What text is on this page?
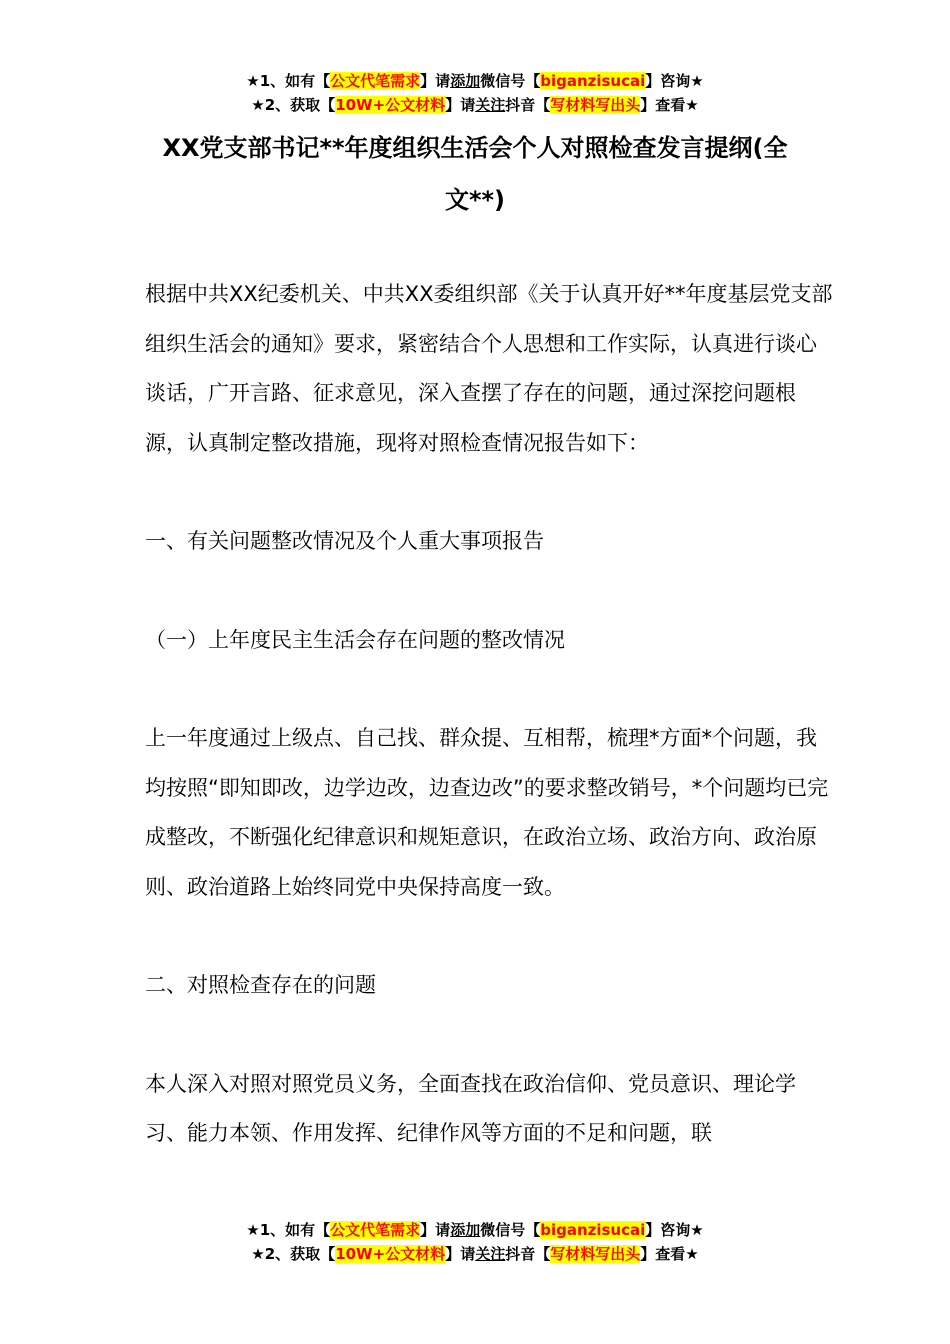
★1、如有【公文代笔需求】请添加微信号【biganzisucai】咨询★
★2、获取【10W+公文材料】请关注抖音【写材料写出头】查看★
XX党支部书记**年度组织生活会个人对照检查发言提纲(全
文**)

根据中共XX纪委机关、中共XX委组织部《关于认真开好**年度基层党支部组织生活会的通知》要求，紧密结合个人思想和工作实际，认真进行谈心谈话，广开言路、征求意见，深入查摆了存在的问题，通过深挖问题根源，认真制定整改措施，现将对照检查情况报告如下：

一、有关问题整改情况及个人重大事项报告

（一）上年度民主生活会存在问题的整改情况

上一年度通过上级点、自己找、群众提、互相帮，梳理*方面*个问题，我均按照“即知即改，边学边改，边查边改”的要求整改销号，*个问题均已完成整改，不断强化纪律意识和规矩意识，在政治立场、政治方向、政治原则、政治道路上始终同党中央保持高度一致。

二、对照检查存在的问题

本人深入对照对照党员义务，全面查找在政治信仰、党员意识、理论学习、能力本领、作用发挥、纪律作风等方面的不足和问题，联

★1、如有【公文代笔需求】请添加微信号【biganzisucai】咨询★
★2、获取【10W+公文材料】请关注抖音【写材料写出头】查看★
